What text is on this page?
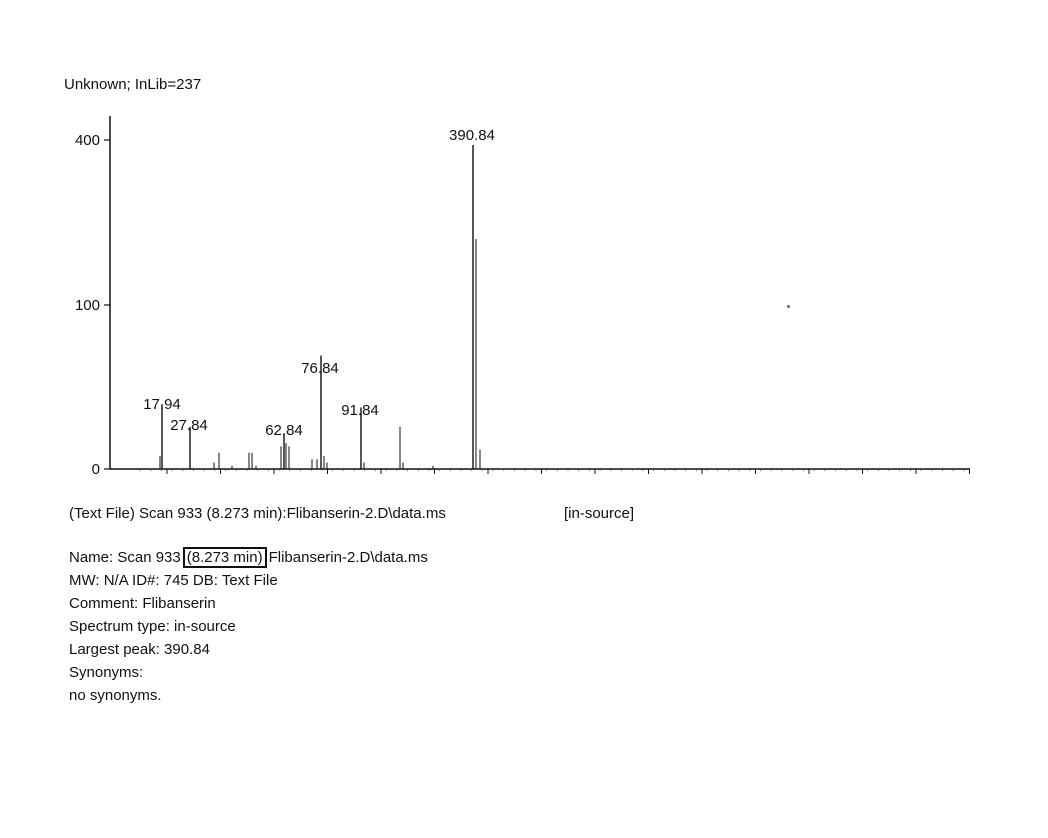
Unknown; InLib=237
400
100
0
17.94
27.84	62.84
76.84
91.84
390.84
(Text File) Scan 933 (8.273 min):Flibanserin-2.D\data.ms	[in-source]
Name: Scan 933 (8.273 min) Flibanserin-2.D\data.ms
MW: N/A ID#: 745 DB: Text File
Comment: Flibanserin
Spectrum type: in-source
Largest peak: 390.84
Synonyms:
no synonyms.
